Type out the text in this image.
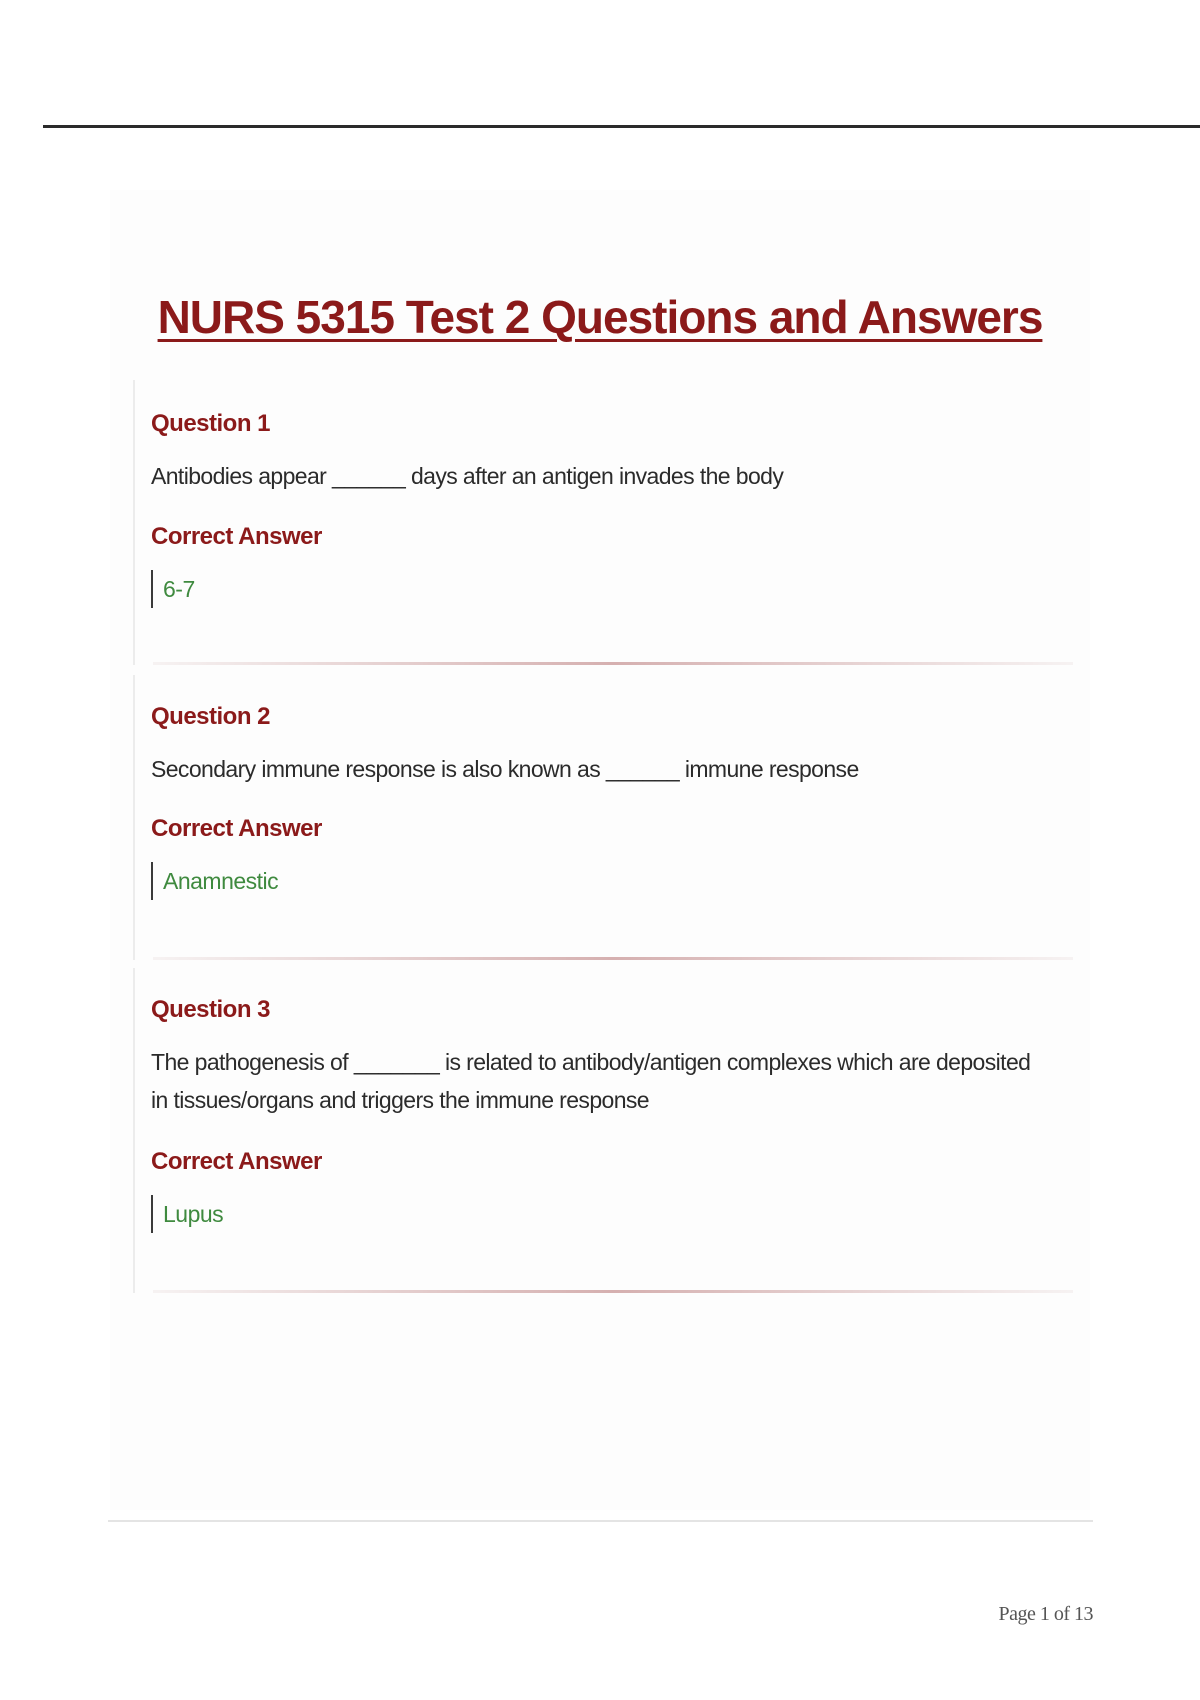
NURS 5315 Test 2 Questions and Answers
Question 1
Antibodies appear ______ days after an antigen invades the body
Correct Answer
6-7
Question 2
Secondary immune response is also known as ______ immune response
Correct Answer
Anamnestic
Question 3
The pathogenesis of _______ is related to antibody/antigen complexes which are deposited in tissues/organs and triggers the immune response
Correct Answer
Lupus
Page 1 of 13
